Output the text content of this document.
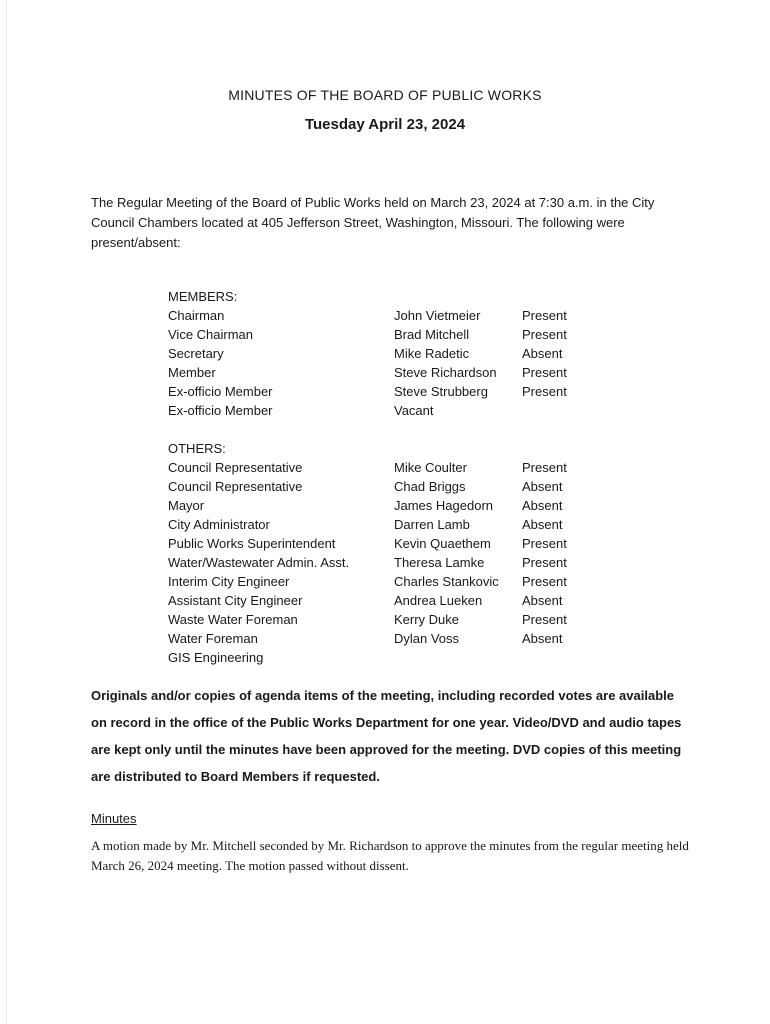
MINUTES OF THE BOARD OF PUBLIC WORKS
Tuesday April 23, 2024
The Regular Meeting of the Board of Public Works held on March 23, 2024 at 7:30 a.m. in the City Council Chambers located at 405 Jefferson Street, Washington, Missouri. The following were present/absent:
MEMBERS:
Chairman	John Vietmeier	Present
Vice Chairman	Brad Mitchell	Present
Secretary	Mike Radetic	Absent
Member	Steve Richardson Present
Ex-officio Member	Steve Strubberg	Present
Ex-officio Member	Vacant
OTHERS:
Council Representative	Mike Coulter	Present
Council Representative	Chad Briggs	Absent
Mayor	James Hagedorn Absent
City Administrator	Darren Lamb	Absent
Public Works Superintendent	Kevin Quaethem Present
Water/Wastewater Admin. Asst.	Theresa Lamke	Present
Interim City Engineer	Charles Stankovic Present
Assistant City Engineer	Andrea Lueken	Absent
Waste Water Foreman	Kerry Duke	Present
Water Foreman	Dylan Voss	Absent
GIS Engineering
Originals and/or copies of agenda items of the meeting, including recorded votes are available on record in the office of the Public Works Department for one year. Video/DVD and audio tapes are kept only until the minutes have been approved for the meeting. DVD copies of this meeting are distributed to Board Members if requested.
Minutes
A motion made by Mr. Mitchell seconded by Mr. Richardson to approve the minutes from the regular meeting held March 26, 2024 meeting. The motion passed without dissent.
